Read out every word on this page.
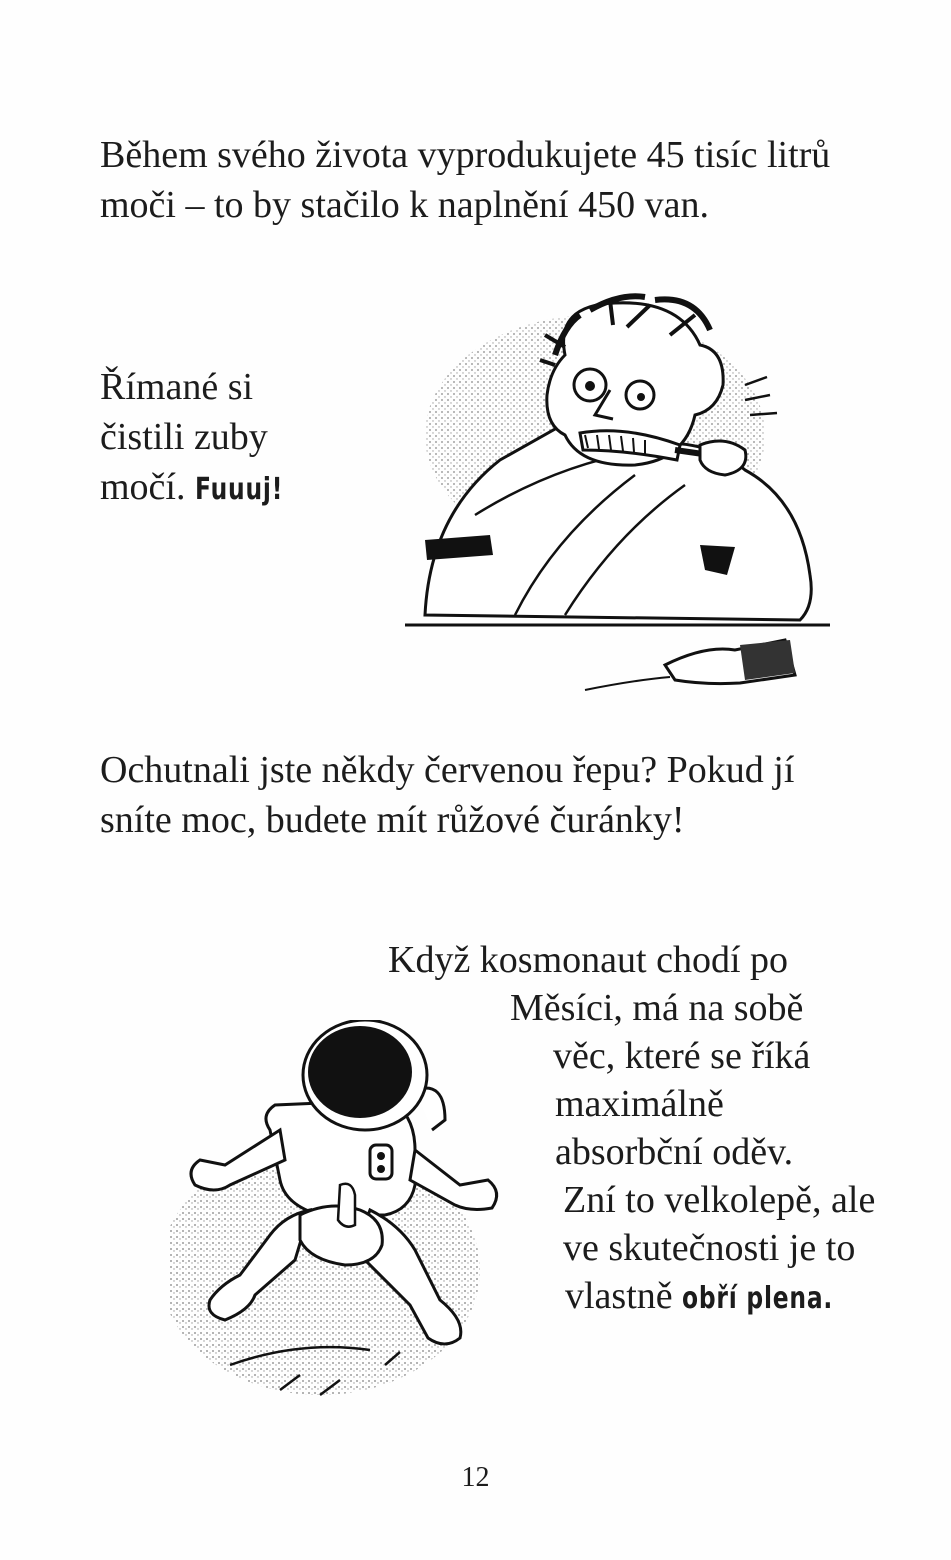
Během svého života vyprodukujete 45 tisíc litrů
moči – to by stačilo k naplnění 450 van.
Římané si
čistili zuby
močí. Fuuuj!
Ochutnali jste někdy červenou řepu? Pokud jí
sníte moc, budete mít růžové čuránky!
Když kosmonaut chodí po
Měsíci, má na sobě
věc, které se říká
maximálně
absorbční oděv.
Zní to velkolepě, ale
ve skutečnosti je to
vlastně obří plena.
12
